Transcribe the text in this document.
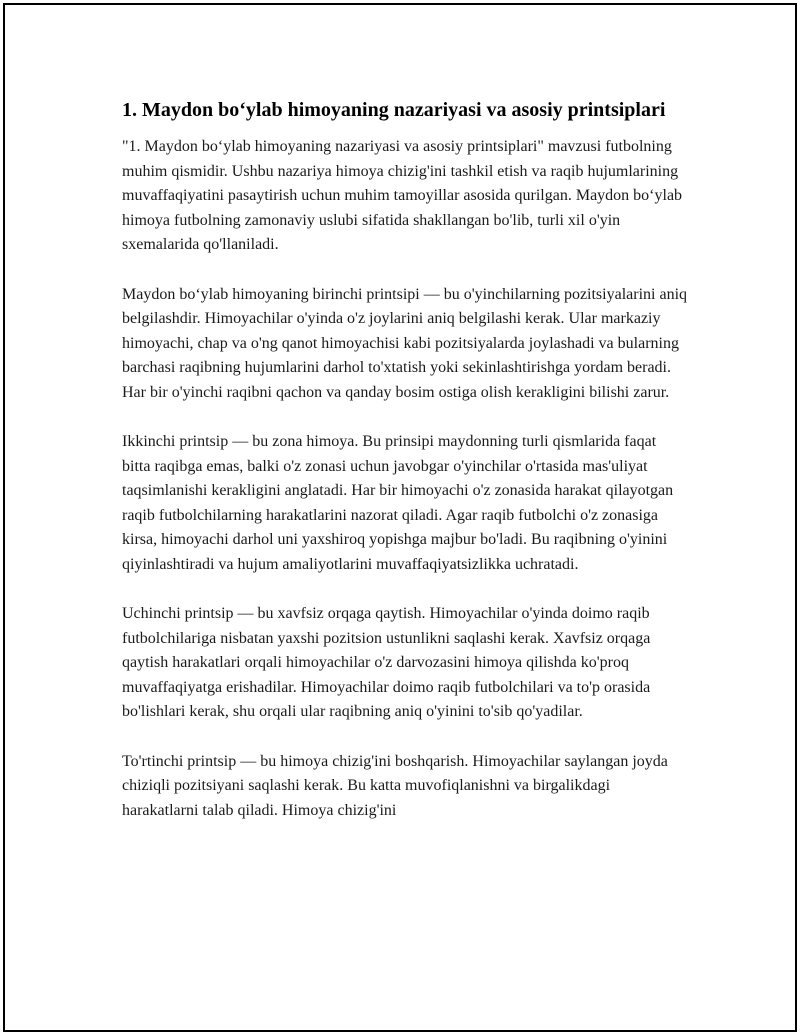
1. Maydon bo‘ylab himoyaning nazariyasi va asosiy printsiplari

"1. Maydon bo‘ylab himoyaning nazariyasi va asosiy printsiplari" mavzusi futbolning muhim qismidir. Ushbu nazariya himoya chizig'ini tashkil etish va raqib hujumlarining muvaffaqiyatini pasaytirish uchun muhim tamoyillar asosida qurilgan. Maydon bo‘ylab himoya futbolning zamonaviy uslubi sifatida shakllangan bo'lib, turli xil o'yin sxemalarida qo'llaniladi.

Maydon bo‘ylab himoyaning birinchi printsipi — bu o'yinchilarning pozitsiyalarini aniq belgilashdir. Himoyachilar o'yinda o'z joylarini aniq belgilashi kerak. Ular markaziy himoyachi, chap va o'ng qanot himoyachisi kabi pozitsiyalarda joylashadi va bularning barchasi raqibning hujumlarini darhol to'xtatish yoki sekinlashtirishga yordam beradi. Har bir o'yinchi raqibni qachon va qanday bosim ostiga olish kerakligini bilishi zarur.

Ikkinchi printsip — bu zona himoya. Bu prinsipi maydonning turli qismlarida faqat bitta raqibga emas, balki o'z zonasi uchun javobgar o'yinchilar o'rtasida mas'uliyat taqsimlanishi kerakligini anglatadi. Har bir himoyachi o'z zonasida harakat qilayotgan raqib futbolchilarning harakatlarini nazorat qiladi. Agar raqib futbolchi o'z zonasiga kirsa, himoyachi darhol uni yaxshiroq yopishga majbur bo'ladi. Bu raqibning o'yinini qiyinlashtiradi va hujum amaliyotlarini muvaffaqiyatsizlikka uchratadi.

Uchinchi printsip — bu xavfsiz orqaga qaytish. Himoyachilar o'yinda doimo raqib futbolchilariga nisbatan yaxshi pozitsion ustunlikni saqlashi kerak. Xavfsiz orqaga qaytish harakatlari orqali himoyachilar o'z darvozasini himoya qilishda ko'proq muvaffaqiyatga erishadilar. Himoyachilar doimo raqib futbolchilari va to'p orasida bo'lishlari kerak, shu orqali ular raqibning aniq o'yinini to'sib qo'yadilar.

To'rtinchi printsip — bu himoya chizig'ini boshqarish. Himoyachilar saylangan joyda chiziqli pozitsiyani saqlashi kerak. Bu katta muvofiqlanishni va birgalikdagi harakatlarni talab qiladi. Himoya chizig'ini
